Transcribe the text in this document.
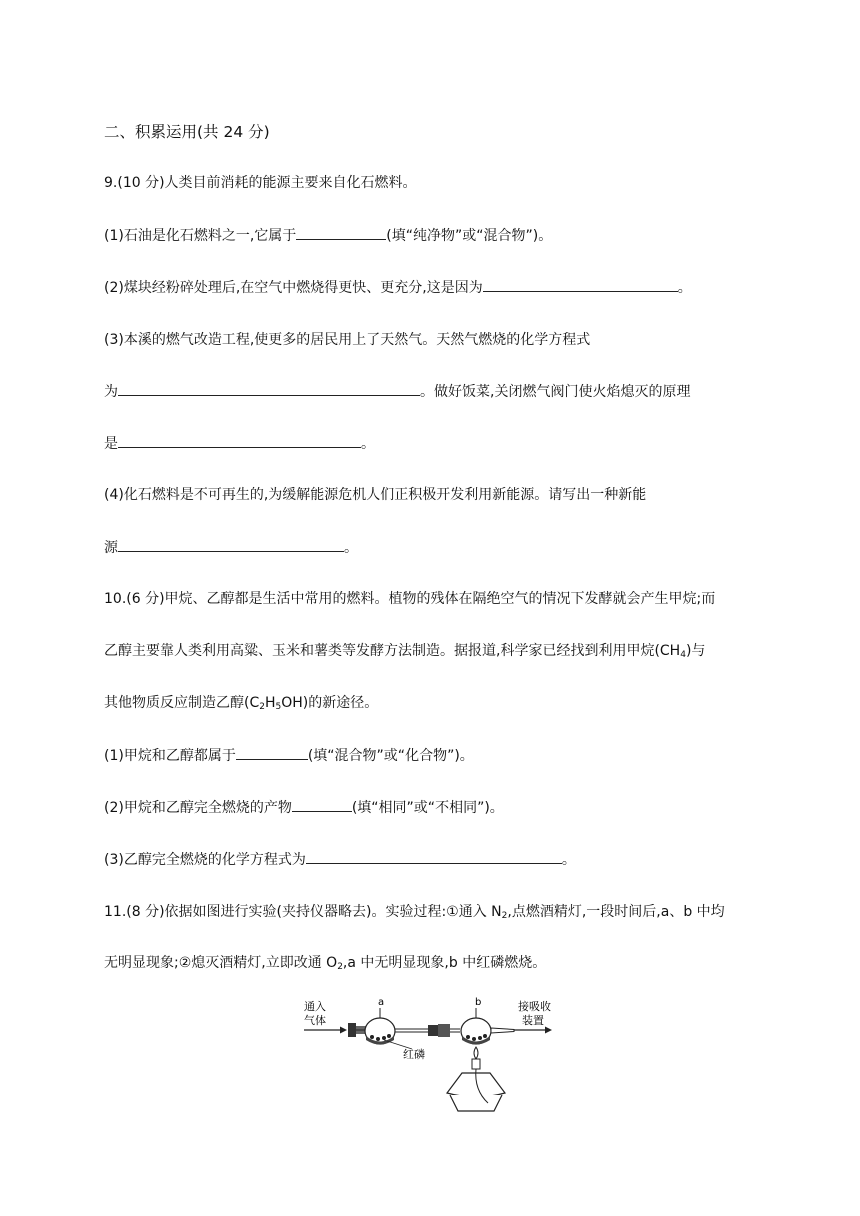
二、积累运用(共 24 分)
9.(10 分)人类目前消耗的能源主要来自化石燃料。
(1)石油是化石燃料之一,它属于	(填“纯净物”或“混合物”)。
(2)煤块经粉碎处理后,在空气中燃烧得更快、更充分,这是因为	。
(3)本溪的燃气改造工程,使更多的居民用上了天然气。天然气燃烧的化学方程式
为	。做好饭菜,关闭燃气阀门使火焰熄灭的原理
是	。
(4)化石燃料是不可再生的,为缓解能源危机人们正积极开发利用新能源。请写出一种新能
源	。
10.(6 分)甲烷、乙醇都是生活中常用的燃料。植物的残体在隔绝空气的情况下发酵就会产生甲烷;而
乙醇主要靠人类利用高粱、玉米和薯类等发酵方法制造。据报道,科学家已经找到利用甲烷$(CH_4)$与
其他物质反应制造乙醇$(C_2H_5OH)$的新途径。
(1)甲烷和乙醇都属于	(填“混合物”或“化合物”)。
(2)甲烷和乙醇完全燃烧的产物	(填“相同”或“不相同”)。
(3)乙醇完全燃烧的化学方程式为	。
11.(8 分)依据如图进行实验(夹持仪器略去)。实验过程:①通入 $N_2$,点燃酒精灯,一段时间后,a、b 中均
无明显现象;②熄灭酒精灯,立即改通 $O_2,a$ 中无明显现象,b 中红磷燃烧。
通入
气体
a	b	接吸收
装置
红磷
